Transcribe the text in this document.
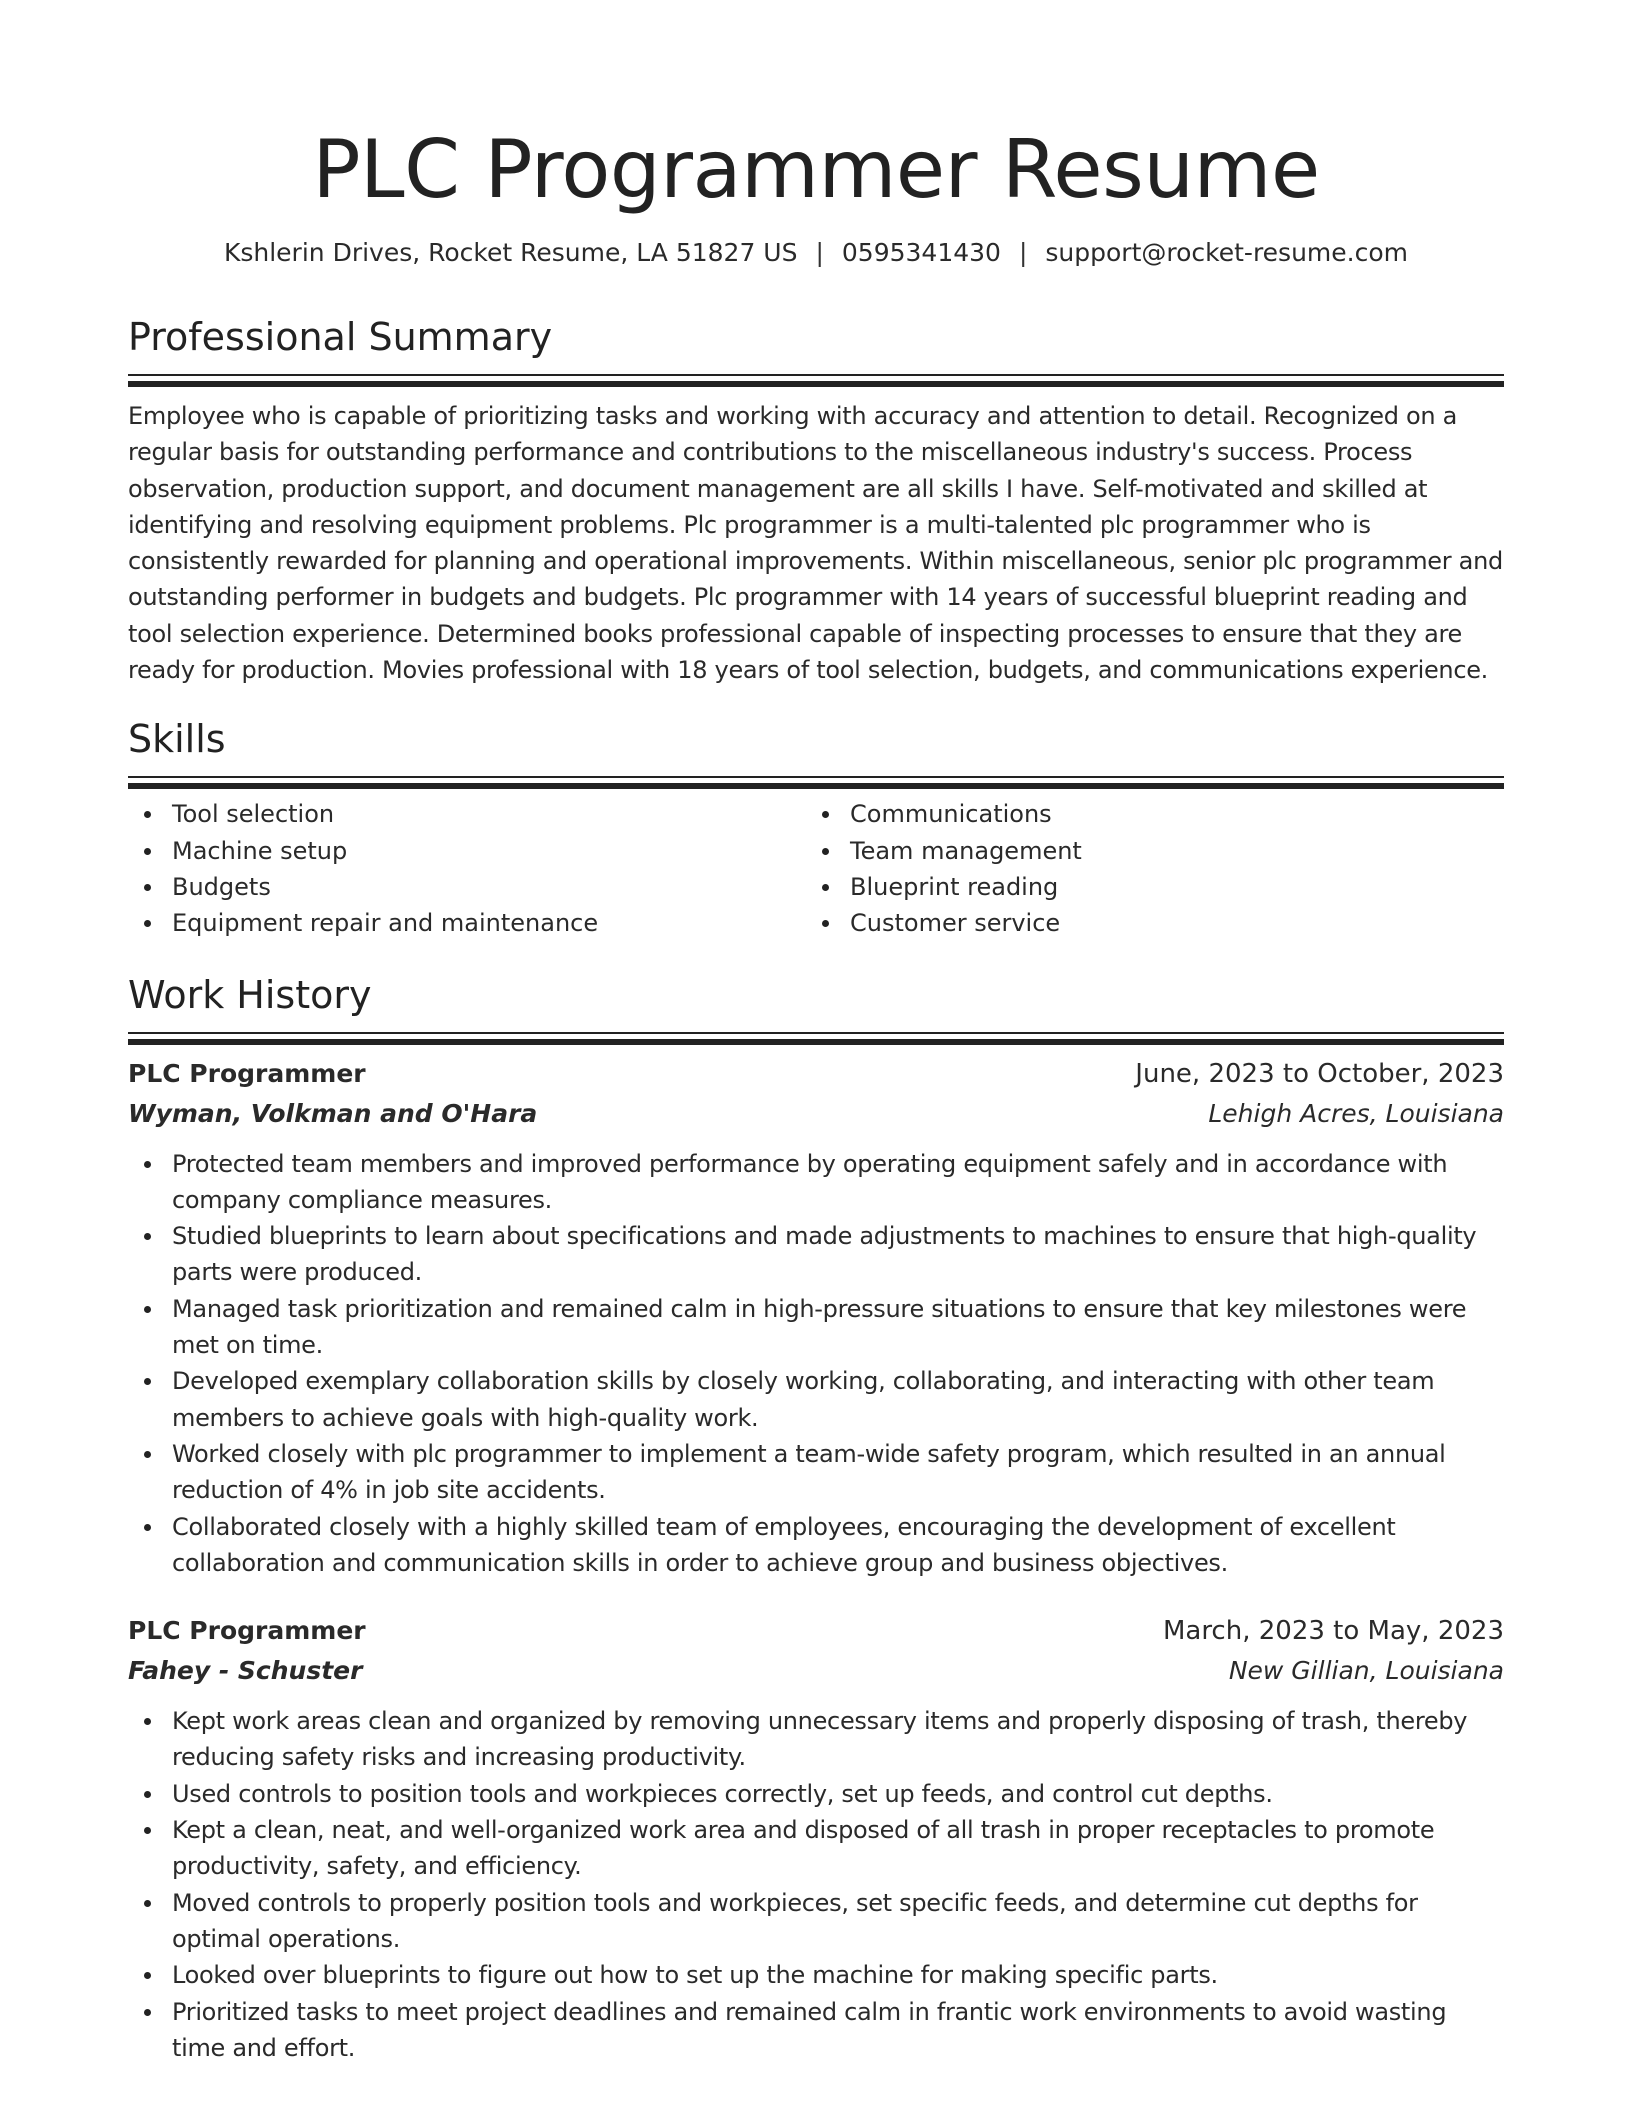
PLC Programmer Resume
Kshlerin Drives, Rocket Resume, LA 51827 US | 0595341430 | support@rocket-resume.com
Professional Summary

Employee who is capable of prioritizing tasks and working with accuracy and attention to detail. Recognized on a regular basis for outstanding performance and contributions to the miscellaneous industry's success. Process observation, production support, and document management are all skills I have. Self-motivated and skilled at identifying and resolving equipment problems. Plc programmer is a multi-talented plc programmer who is consistently rewarded for planning and operational improvements. Within miscellaneous, senior plc programmer and outstanding performer in budgets and budgets. Plc programmer with 14 years of successful blueprint reading and tool selection experience. Determined books professional capable of inspecting processes to ensure that they are ready for production. Movies professional with 18 years of tool selection, budgets, and communications experience.

Skills
Tool selection
Machine setup
Budgets
Equipment repair and maintenance
Communications
Team management
Blueprint reading
Customer service
Work History
PLC Programmer	June, 2023 to October, 2023
Wyman, Volkman and O'Hara	Lehigh Acres, Louisiana
Protected team members and improved performance by operating equipment safely and in accordance with company compliance measures.
Studied blueprints to learn about specifications and made adjustments to machines to ensure that high-quality parts were produced.
Managed task prioritization and remained calm in high-pressure situations to ensure that key milestones were met on time.
Developed exemplary collaboration skills by closely working, collaborating, and interacting with other team members to achieve goals with high-quality work.
Worked closely with plc programmer to implement a team-wide safety program, which resulted in an annual reduction of 4% in job site accidents.
Collaborated closely with a highly skilled team of employees, encouraging the development of excellent collaboration and communication skills in order to achieve group and business objectives.
PLC Programmer	March, 2023 to May, 2023
Fahey - Schuster	New Gillian, Louisiana
Kept work areas clean and organized by removing unnecessary items and properly disposing of trash, thereby reducing safety risks and increasing productivity.
Used controls to position tools and workpieces correctly, set up feeds, and control cut depths.
Kept a clean, neat, and well-organized work area and disposed of all trash in proper receptacles to promote productivity, safety, and efficiency.
Moved controls to properly position tools and workpieces, set specific feeds, and determine cut depths for optimal operations.
Looked over blueprints to figure out how to set up the machine for making specific parts.
Prioritized tasks to meet project deadlines and remained calm in frantic work environments to avoid wasting time and effort.
